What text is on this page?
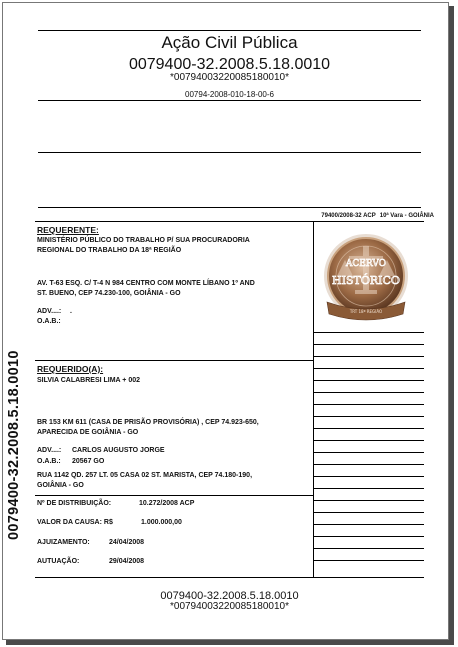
Ação Civil Pública
0079400-32.2008.5.18.0010
*00794003220085180010*
00794-2008-010-18-00-6
79400/2008-32 ACP 10ª Vara - GOIÂNIA
0079400-32.2008.5.18.0010
ACERVO
HISTÓRICO
TRT 18ª REGIÃO
REQUERENTE:
MINISTÉRIO PÚBLICO DO TRABALHO P/ SUA PROCURADORIA
REGIONAL DO TRABALHO DA 18ª REGIÃO
AV. T-63 ESQ. C/ T-4 N 984 CENTRO COM MONTE LÍBANO 1º AND
ST. BUENO, CEP 74.230-100, GOIÂNIA - GO
ADV....: .
O.A.B.:
REQUERIDO(A):
SILVIA CALABRESI LIMA + 002
BR 153 KM 611 (CASA DE PRISÃO PROVISÓRIA) , CEP 74.923-650,
APARECIDA DE GOIÂNIA - GO
ADV....: CARLOS AUGUSTO JORGE
O.A.B.: 20567 GO
RUA 1142 QD. 257 LT. 05 CASA 02 ST. MARISTA, CEP 74.180-190,
GOIÂNIA - GO
Nº DE DISTRIBUIÇÃO:	10.272/2008 ACP
VALOR DA CAUSA: R$	1.000.000,00
AJUIZAMENTO:	24/04/2008
AUTUAÇÃO:	29/04/2008
0079400-32.2008.5.18.0010
*00794003220085180010*
